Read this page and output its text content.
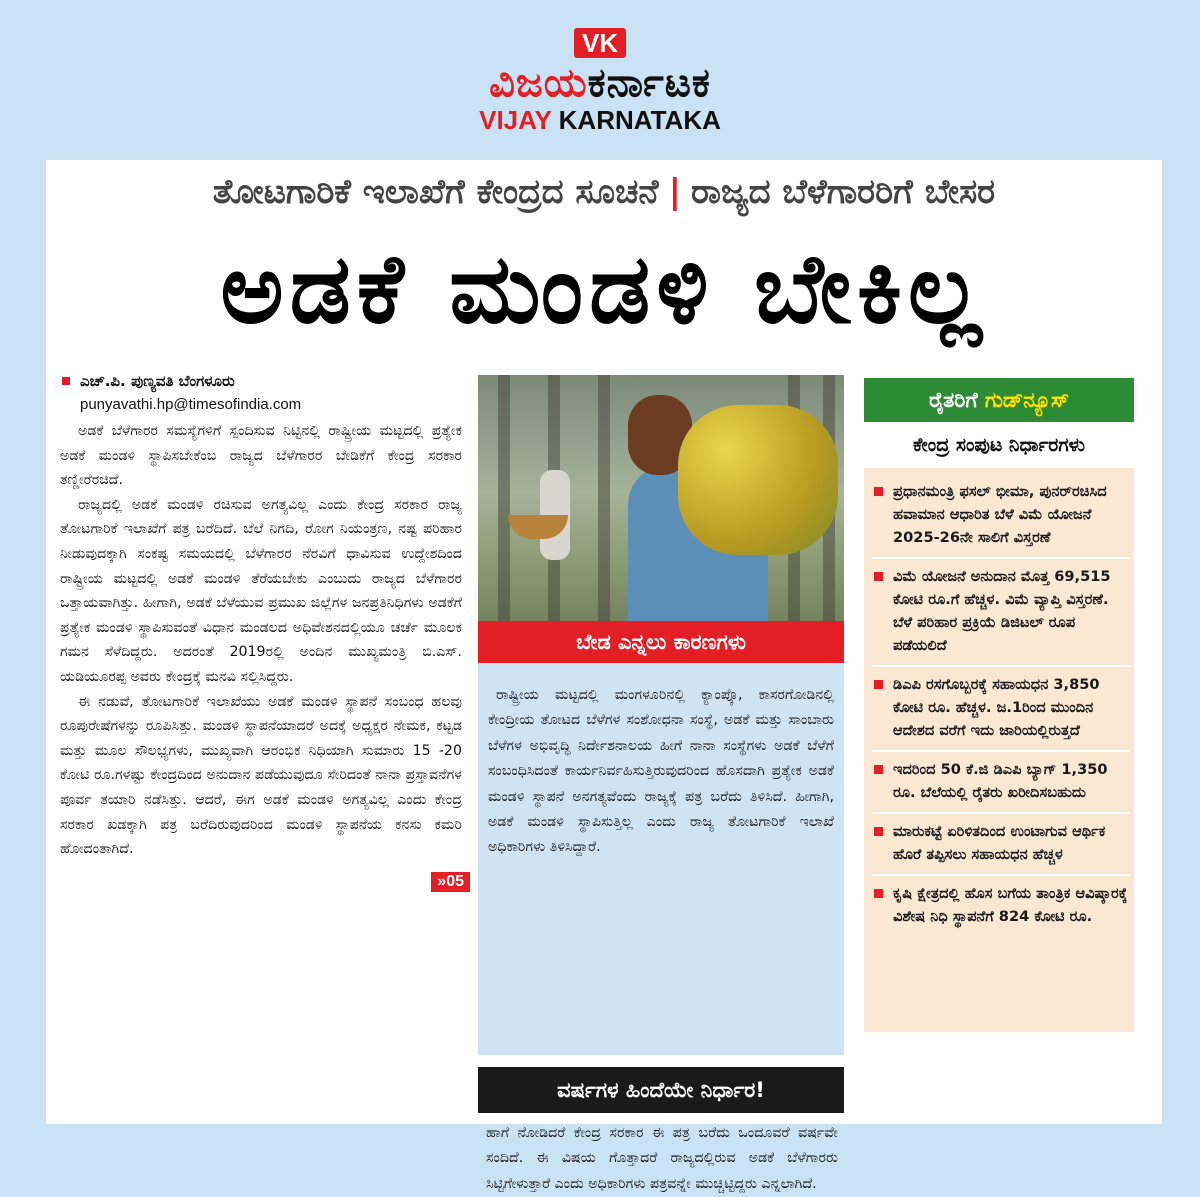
VK
ವಿಜಯಕರ್ನಾಟಕ
VIJAY KARNATAKA
ತೋಟಗಾರಿಕೆ ಇಲಾಖೆಗೆ ಕೇಂದ್ರದ ಸೂಚನೆ | ರಾಜ್ಯದ ಬೆಳೆಗಾರರಿಗೆ ಬೇಸರ
ಅಡಕೆ ಮಂಡಳಿ ಬೇಕಿಲ್ಲ
ಎಚ್.ಪಿ. ಪುಣ್ಯವತಿ ಬೆಂಗಳೂರು
punyavathi.hp@timesofindia.com

ಅಡಕೆ ಬೆಳೆಗಾರರ ಸಮಸ್ಯೆಗಳಿಗೆ ಸ್ಪಂದಿಸುವ ನಿಟ್ಟಿನಲ್ಲಿ ರಾಷ್ಟ್ರೀಯ ಮಟ್ಟದಲ್ಲಿ ಪ್ರತ್ಯೇಕ ಅಡಕೆ ಮಂಡಳಿ ಸ್ಥಾಪಿಸಬೇಕೆಂಬ ರಾಜ್ಯದ ಬೆಳೆಗಾರರ ಬೇಡಿಕೆಗೆ ಕೇಂದ್ರ ಸರಕಾರ ತಣ್ಣೀರೆರಚಿದೆ.

ರಾಜ್ಯದಲ್ಲಿ ಅಡಕೆ ಮಂಡಳಿ ರಚಿಸುವ ಅಗತ್ಯವಿಲ್ಲ ಎಂದು ಕೇಂದ್ರ ಸರಕಾರ ರಾಜ್ಯ ತೋಟಗಾರಿಕೆ ಇಲಾಖೆಗೆ ಪತ್ರ ಬರೆದಿದೆ. ಬೆಲೆ ನಿಗದಿ, ರೋಗ ನಿಯಂತ್ರಣ, ನಷ್ಟ ಪರಿಹಾರ ನೀಡುವುದಕ್ಕಾಗಿ ಸಂಕಷ್ಟ ಸಮಯದಲ್ಲಿ ಬೆಳೆಗಾರರ ನೆರವಿಗೆ ಧಾವಿಸುವ ಉದ್ದೇಶದಿಂದ ರಾಷ್ಟ್ರೀಯ ಮಟ್ಟದಲ್ಲಿ ಅಡಕೆ ಮಂಡಳಿ ತೆರೆಯಬೇಕು ಎಂಬುದು ರಾಜ್ಯದ ಬೆಳೆಗಾರರ ಒತ್ತಾಯವಾಗಿತ್ತು. ಹೀಗಾಗಿ, ಅಡಕೆ ಬೆಳೆಯುವ ಪ್ರಮುಖ ಜಿಲ್ಲೆಗಳ ಜನಪ್ರತಿನಿಧಿಗಳು ಅಡಕೆಗೆ ಪ್ರತ್ಯೇಕ ಮಂಡಳಿ ಸ್ಥಾಪಿಸುವಂತೆ ವಿಧಾನ ಮಂಡಲದ ಅಧಿವೇಶನದಲ್ಲಿಯೂ ಚರ್ಚೆ ಮೂಲಕ ಗಮನ ಸೆಳೆದಿದ್ದರು. ಅದರಂತೆ 2019ರಲ್ಲಿ ಅಂದಿನ ಮುಖ್ಯಮಂತ್ರಿ ಬಿ.ಎಸ್. ಯಡಿಯೂರಪ್ಪ ಅವರು ಕೇಂದ್ರಕ್ಕೆ ಮನವಿ ಸಲ್ಲಿಸಿದ್ದರು.

ಈ ನಡುವೆ, ತೋಟಗಾರಿಕೆ ಇಲಾಖೆಯು ಅಡಕೆ ಮಂಡಳಿ ಸ್ಥಾಪನೆ ಸಂಬಂಧ ಹಲವು ರೂಪುರೇಷೆಗಳನ್ನು ರೂಪಿಸಿತ್ತು. ಮಂಡಳಿ ಸ್ಥಾಪನೆಯಾದರೆ ಅದಕ್ಕೆ ಅಧ್ಯಕ್ಷರ ನೇಮಕ, ಕಟ್ಟಡ ಮತ್ತು ಮೂಲ ಸೌಲಭ್ಯಗಳು, ಮುಖ್ಯವಾಗಿ ಆರಂಭಿಕ ನಿಧಿಯಾಗಿ ಸುಮಾರು 15 -20 ಕೋಟಿ ರೂ.ಗಳಷ್ಟು ಕೇಂದ್ರದಿಂದ ಅನುದಾನ ಪಡೆಯುವುದೂ ಸೇರಿದಂತೆ ನಾನಾ ಪ್ರಸ್ತಾವನೆಗಳ ಪೂರ್ವ ತಯಾರಿ ನಡೆಸಿತ್ತು. ಆದರೆ, ಈಗ ಅಡಕೆ ಮಂಡಳಿ ಅಗತ್ಯವಿಲ್ಲ ಎಂದು ಕೇಂದ್ರ ಸರಕಾರ ಖಡಕ್ಕಾಗಿ ಪತ್ರ ಬರೆದಿರುವುದರಿಂದ ಮಂಡಳಿ ಸ್ಥಾಪನೆಯ ಕನಸು ಕಮರಿ ಹೋದಂತಾಗಿದೆ.

»05

ರಾಷ್ಟ್ರೀಯ ಮಟ್ಟದಲ್ಲಿ ಮಂಗಳೂರಿನಲ್ಲಿ ಕ್ಯಾಂಪ್ಕೊ, ಕಾಸರಗೋಡಿನಲ್ಲಿ ಕೇಂದ್ರೀಯ ತೋಟದ ಬೆಳೆಗಳ ಸಂಶೋಧನಾ ಸಂಸ್ಥೆ, ಅಡಕೆ ಮತ್ತು ಸಾಂಬಾರು ಬೆಳೆಗಳ ಅಭಿವೃದ್ಧಿ ನಿರ್ದೇಶನಾಲಯ ಹೀಗೆ ನಾನಾ ಸಂಸ್ಥೆಗಳು ಅಡಕೆ ಬೆಳೆಗೆ ಸಂಬಂಧಿಸಿದಂತೆ ಕಾರ್ಯನಿರ್ವಹಿಸುತ್ತಿರುವುದರಿಂದ ಹೊಸದಾಗಿ ಪ್ರತ್ಯೇಕ ಅಡಕೆ ಮಂಡಳಿ ಸ್ಥಾಪನೆ ಅನಗತ್ಯವೆಂದು ರಾಜ್ಯಕ್ಕೆ ಪತ್ರ ಬರೆದು ತಿಳಿಸಿದೆ. ಹೀಗಾಗಿ, ಅಡಕೆ ಮಂಡಳಿ ಸ್ಥಾಪಿಸುತ್ತಿಲ್ಲ ಎಂದು ರಾಜ್ಯ ತೋಟಗಾರಿಕೆ ಇಲಾಖೆ ಅಧಿಕಾರಿಗಳು ತಿಳಿಸಿದ್ದಾರೆ.

ಬೇಡ ಎನ್ನಲು ಕಾರಣಗಳು
ವರ್ಷಗಳ ಹಿಂದೆಯೇ ನಿರ್ಧಾರ!
ಹಾಗೆ ನೋಡಿದರೆ ಕೇಂದ್ರ ಸರಕಾರ ಈ ಪತ್ರ ಬರೆದು ಒಂದೂವರೆ ವರ್ಷವೇ ಸಂದಿದೆ. ಈ ವಿಷಯ ಗೊತ್ತಾದರೆ ರಾಜ್ಯದಲ್ಲಿರುವ ಅಡಕೆ ಬೆಳೆಗಾರರು ಸಿಟ್ಟಿಗೇಳುತ್ತಾರೆ ಎಂದು ಅಧಿಕಾರಿಗಳು ಪತ್ರವನ್ನೇ ಮುಚ್ಚಿಟ್ಟಿದ್ದರು ಎನ್ನಲಾಗಿದೆ.
ರೈತರಿಗೆ ಗುಡ್‌ನ್ಯೂಸ್
ಕೇಂದ್ರ ಸಂಪುಟ ನಿರ್ಧಾರಗಳು
ಪ್ರಧಾನಮಂತ್ರಿ ಫಸಲ್ ಭೀಮಾ, ಪುನರ್‌ರಚಿಸಿದ ಹವಾಮಾನ ಆಧಾರಿತ ಬೆಳೆ ವಿಮೆ ಯೋಜನೆ 2025-26ನೇ ಸಾಲಿಗೆ ವಿಸ್ತರಣೆ
ವಿಮೆ ಯೋಜನೆ ಅನುದಾನ ಮೊತ್ತ 69,515 ಕೋಟಿ ರೂ.ಗೆ ಹೆಚ್ಚಳ. ವಿಮೆ ವ್ಯಾಪ್ತಿ ವಿಸ್ತರಣೆ. ಬೆಳೆ ಪರಿಹಾರ ಪ್ರಕ್ರಿಯೆ ಡಿಜಿಟಲ್ ರೂಪ ಪಡೆಯಲಿದೆ
ಡಿಎಪಿ ರಸಗೊಬ್ಬರಕ್ಕೆ ಸಹಾಯಧನ 3,850 ಕೋಟಿ ರೂ. ಹೆಚ್ಚಳ. ಜ.1ರಿಂದ ಮುಂದಿನ ಆದೇಶದ ವರೆಗೆ ಇದು ಜಾರಿಯಲ್ಲಿರುತ್ತದೆ
ಇದರಿಂದ 50 ಕೆ.ಜಿ ಡಿಎಪಿ ಬ್ಯಾಗ್ 1,350 ರೂ. ಬೆಲೆಯಲ್ಲಿ ರೈತರು ಖರೀದಿಸಬಹುದು
ಮಾರುಕಟ್ಟೆ ಏರಿಳಿತದಿಂದ ಉಂಟಾಗುವ ಆರ್ಥಿಕ ಹೊರೆ ತಪ್ಪಿಸಲು ಸಹಾಯಧನ ಹೆಚ್ಚಳ
ಕೃಷಿ ಕ್ಷೇತ್ರದಲ್ಲಿ ಹೊಸ ಬಗೆಯ ತಾಂತ್ರಿಕ ಆವಿಷ್ಕಾರಕ್ಕೆ ವಿಶೇಷ ನಿಧಿ ಸ್ಥಾಪನೆಗೆ 824 ಕೋಟಿ ರೂ.
